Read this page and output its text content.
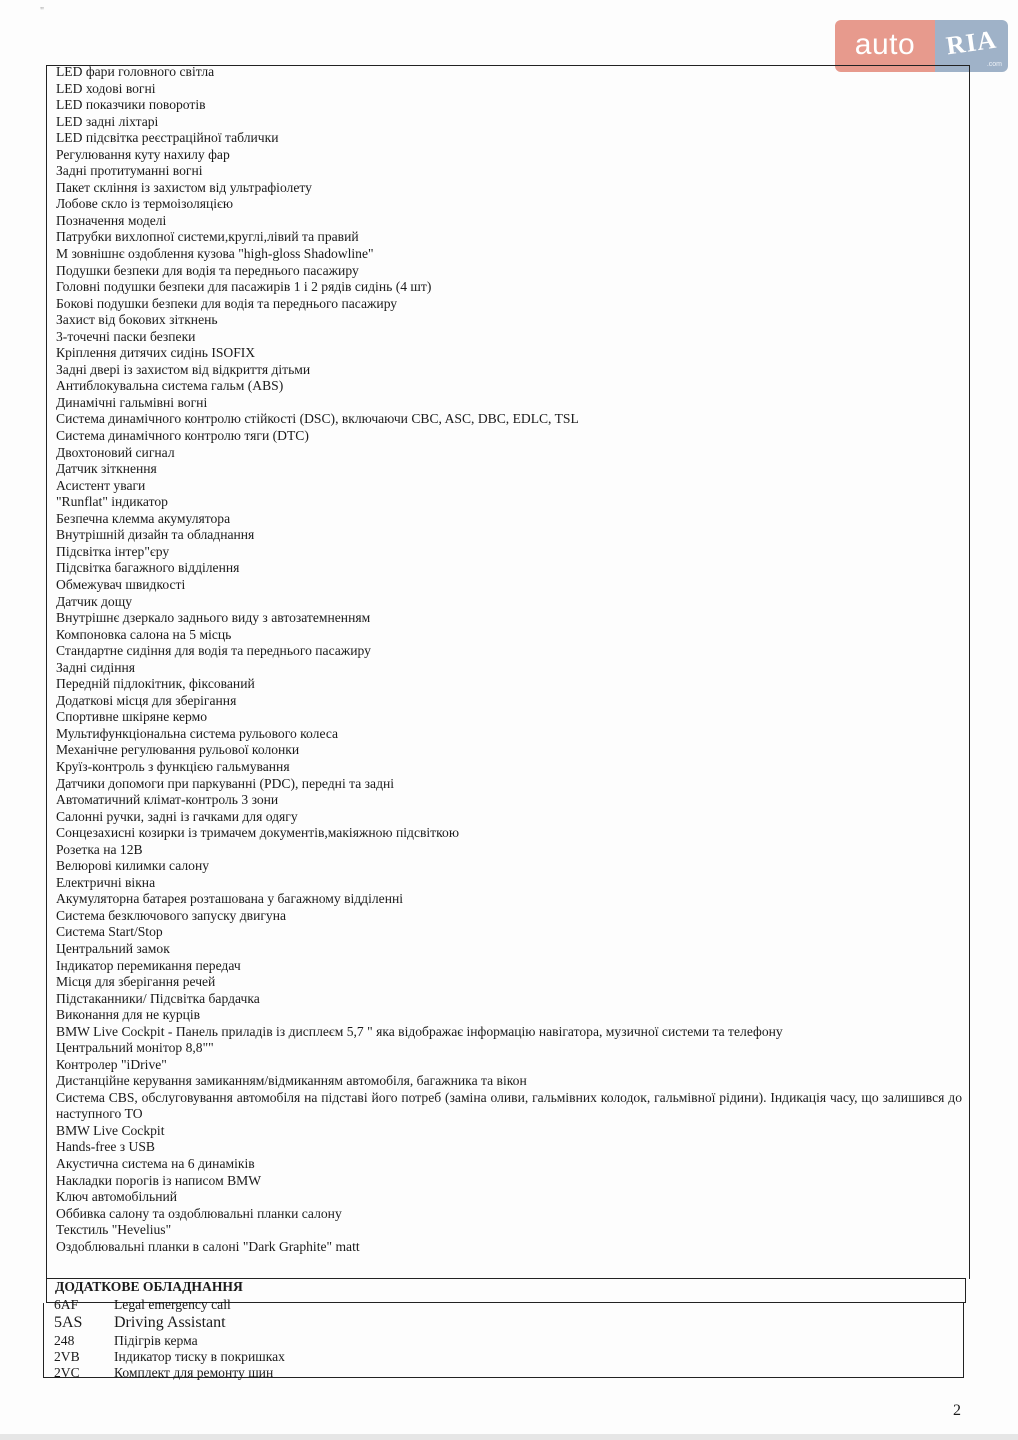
"
auto	RIA
.com
LED фари головного світла
LED ходові вогні
LED показчики поворотів
LED задні ліхтарі
LED підсвітка реєстраційної таблички
Регулювання куту нахилу фар
Задні протитуманні вогні
Пакет скління із захистом від ультрафіолету
Лобове скло із термоізоляцією
Позначення моделі
Патрубки вихлопної системи,круглі,лівий та правий
М зовнішнє оздоблення кузова "high-gloss Shadowline"
Подушки безпеки для водія та переднього пасажиру
Головні подушки безпеки для пасажирів 1 і 2 рядів сидінь (4 шт)
Бокові подушки безпеки для водія та переднього пасажиру
Захист від бокових зіткнень
3-точечні паски безпеки
Кріплення дитячих сидінь ISOFIX
Задні двері із захистом від відкриття дітьми
Антиблокувальна система гальм (ABS)
Динамічні гальмівні вогні
Система динамічного контролю стійкості (DSC), включаючи CBC, ASC, DBC, EDLC, TSL
Система динамічного контролю тяги (DTC)
Двохтоновий сигнал
Датчик зіткнення
Асистент уваги
"Runflat" індикатор
Безпечна клемма акумулятора
Внутрішній дизайн та обладнання
Підсвітка інтер"єру
Підсвітка багажного відділення
Обмежувач швидкості
Датчик дощу
Внутрішнє дзеркало заднього виду з автозатемненням
Компоновка салона на 5 місць
Стандартне сидіння для водія та переднього пасажиру
Задні сидіння
Передній підлокітник, фіксований
Додаткові місця для зберігання
Спортивне шкіряне кермо
Мультифункціональна система рульового колеса
Механічне регулювання рульової колонки
Круїз-контроль з функцією гальмування
Датчики допомоги при паркуванні (PDC), передні та задні
Автоматичний клімат-контроль 3 зони
Салонні ручки, задні із гачками для одягу
Сонцезахисні козирки із тримачем документів,макіяжною підсвіткою
Розетка на 12В
Велюрові килимки салону
Електричні вікна
Акумуляторна батарея розташована у багажному відділенні
Система безключового запуску двигуна
Система Start/Stop
Центральний замок
Індикатор перемикання передач
Місця для зберігання речей
Підстаканники/ Підсвітка бардачка
Виконання для не курців
BMW Live Cockpit - Панель приладів із дисплеєм 5,7 " яка відображає інформацію навігатора, музичної системи та телефону
Центральний монітор 8,8""
Контролер "iDrive"
Дистанційне керування замиканням/відмиканням автомобіля, багажника та вікон
Система CBS, обслуговування автомобіля на підставі його потреб (заміна оливи, гальмівних колодок, гальмівної рідини). Індикація часу, що залишився до наступного ТО
BMW Live Cockpit
Hands-free з USB
Акустична система на 6 динаміків
Накладки порогів із написом BMW
Ключ автомобільний
Оббивка салону та оздоблювальні планки салону
Текстиль "Hevelius"
Оздоблювальні планки в салоні "Dark Graphite" matt
ДОДАТКОВЕ ОБЛАДНАННЯ
6AF	Legal emergency call
5AS	Driving Assistant
248	Підігрів керма
2VB	Індикатор тиску в покришках
2VC	Комплект для ремонту шин
2
